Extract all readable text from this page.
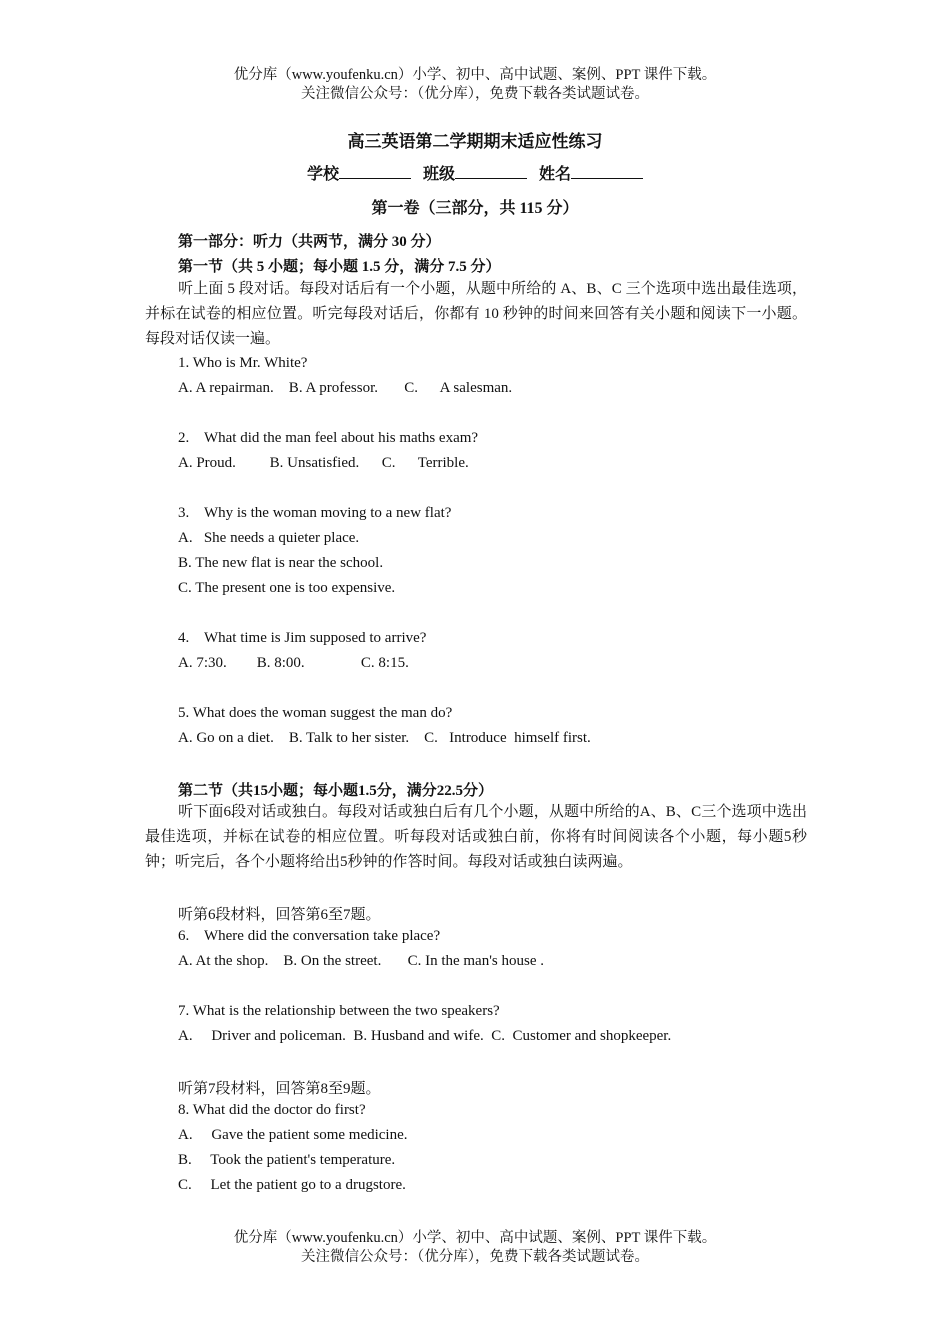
优分库（www.youfenku.cn）小学、初中、高中试题、案例、PPT 课件下载。
关注微信公众号：（优分库），免费下载各类试题试卷。
高三英语第二学期期末适应性练习
学校	班级	姓名
第一卷（三部分，共 115 分）
第一部分：听力（共两节，满分 30 分）
第一节（共 5 小题；每小题 1.5 分，满分 7.5 分）
听上面 5 段对话。每段对话后有一个小题，从题中所给的 A、B、C 三个选项中选出最佳选项，并标在试卷的相应位置。听完每段对话后，你都有 10 秒钟的时间来回答有关小题和阅读下一小题。每段对话仅读一遍。
1. Who is Mr. White?
A. A repairman.    B. A professor.       C.      A salesman.
2.    What did the man feel about his maths exam?
A. Proud.         B. Unsatisfied.      C.      Terrible.
3.    Why is the woman moving to a new flat?
A.   She needs a quieter place.
B. The new flat is near the school.
C. The present one is too expensive.
4.    What time is Jim supposed to arrive?
A. 7:30.        B. 8:00.               C. 8:15.
5. What does the woman suggest the man do?
A. Go on a diet.    B. Talk to her sister.    C.   Introduce  himself first.
第二节（共15小题；每小题1.5分，满分22.5分）
听下面6段对话或独白。每段对话或独白后有几个小题，从题中所给的A、B、C三个选项中选出最佳选项，并标在试卷的相应位置。听每段对话或独白前，你将有时间阅读各个小题，每小题5秒钟；听完后，各个小题将给出5秒钟的作答时间。每段对话或独白读两遍。
听第6段材料，回答第6至7题。
6.    Where did the conversation take place?
A. At the shop.    B. On the street.       C. In the man's house .
7. What is the relationship between the two speakers?
A.     Driver and policeman.  B. Husband and wife.  C.  Customer and shopkeeper.
听第7段材料，回答第8至9题。
8. What did the doctor do first?
A.     Gave the patient some medicine.
B.     Took the patient's temperature.
C.     Let the patient go to a drugstore.
优分库（www.youfenku.cn）小学、初中、高中试题、案例、PPT 课件下载。
关注微信公众号：（优分库），免费下载各类试题试卷。
